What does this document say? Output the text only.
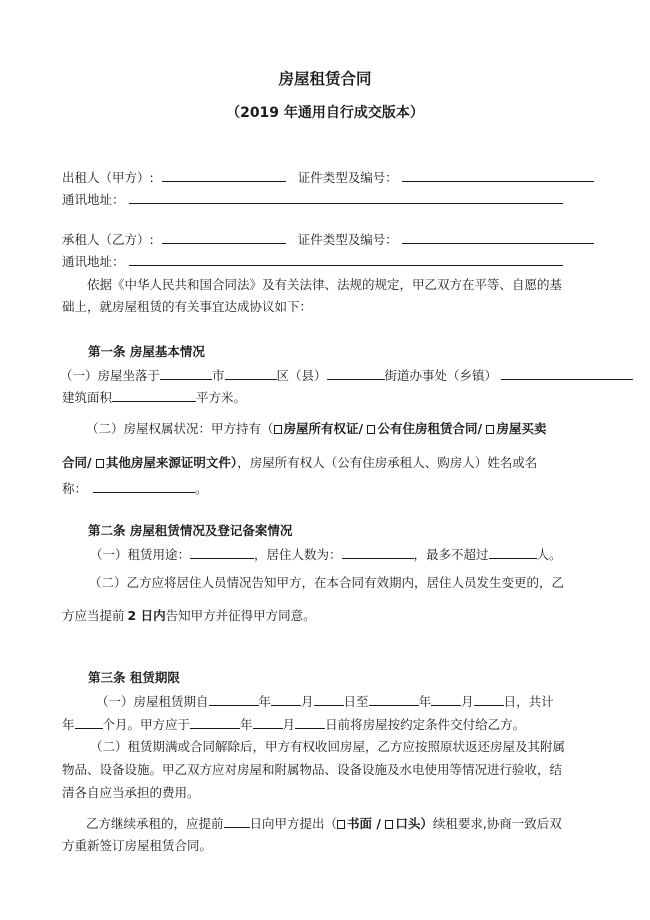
房屋租赁合同
（2019 年通用自行成交版本）
出租人（甲方）:	证件类型及编号：
通讯地址：
承租人（乙方）:	证件类型及编号：
通讯地址：
依据《中华人民共和国合同法》及有关法律、法规的规定，甲乙双方在平等、自愿的基
础上，就房屋租赁的有关事宜达成协议如下：
第一条 房屋基本情况
（一）房屋坐落于	市	区（县）	街道办事处（乡镇）
建筑面积	平方米。
（二）房屋权属状况：甲方持有（ 房屋所有权证/ 公有住房租赁合同/ 房屋买卖
合同/ 其他房屋来源证明文件），房屋所有权人（公有住房承租人、购房人）姓名或名
称：	。
第二条 房屋租赁情况及登记备案情况
（一）租赁用途：	，居住人数为：	，最多不超过	人。
（二）乙方应将居住人员情况告知甲方，在本合同有效期内，居住人员发生变更的，乙
方应当提前 2 日内告知甲方并征得甲方同意。
第三条 租赁期限
（一）房屋租赁期自	年 月 日至	年 月 日，共计
年 个月。甲方应于	年 月 日前将房屋按约定条件交付给乙方。
（二）租赁期满或合同解除后，甲方有权收回房屋，乙方应按照原状返还房屋及其附属
物品、设备设施。甲乙双方应对房屋和附属物品、设备设施及水电使用等情况进行验收，结
清各自应当承担的费用。
乙方继续承租的，应提前 日向甲方提出（ 书面 / 口头）续租要求,协商一致后双
方重新签订房屋租赁合同。
